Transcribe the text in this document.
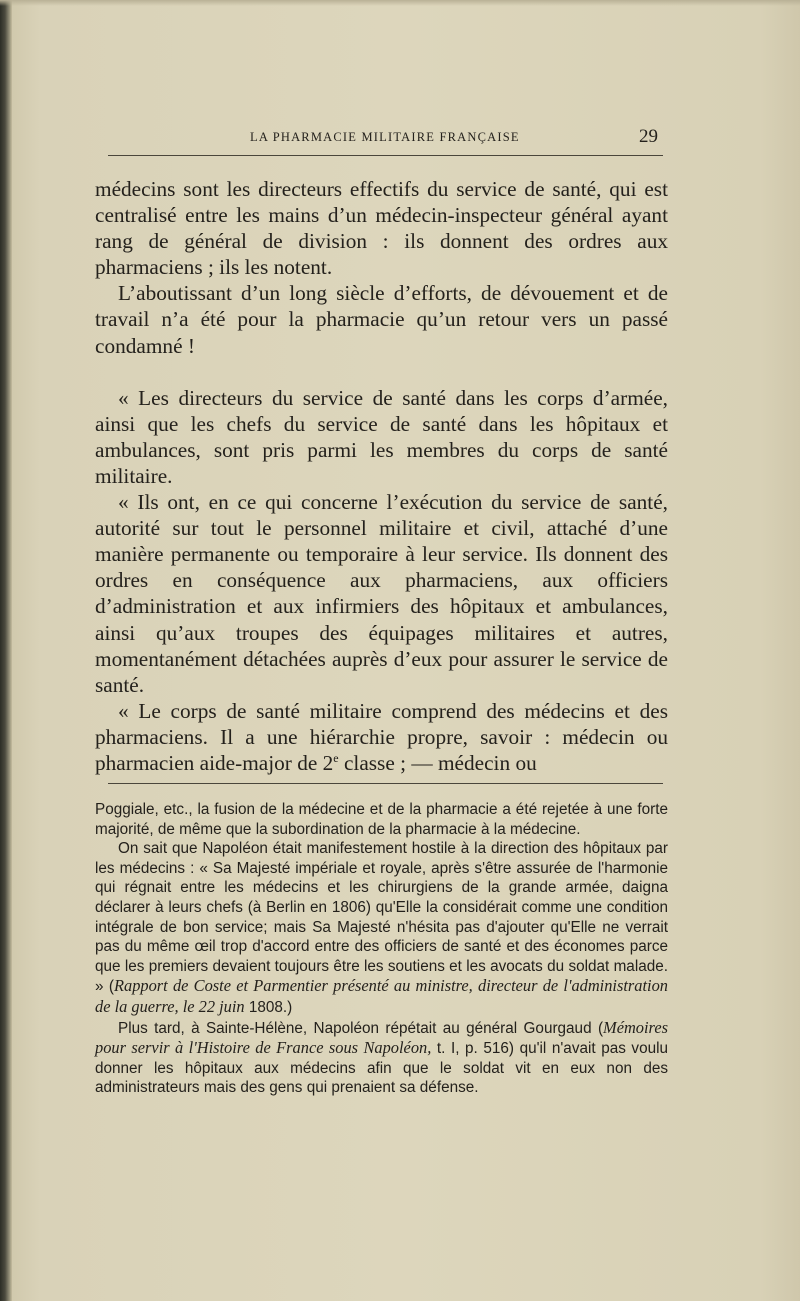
LA PHARMACIE MILITAIRE FRANÇAISE	29

médecins sont les directeurs effectifs du service de santé, qui est centralisé entre les mains d’un médecin-inspecteur général ayant rang de général de division : ils donnent des ordres aux pharmaciens ; ils les notent.

L’aboutissant d’un long siècle d’efforts, de dévouement et de travail n’a été pour la pharmacie qu’un retour vers un passé condamné !

« Les directeurs du service de santé dans les corps d’armée, ainsi que les chefs du service de santé dans les hôpitaux et ambulances, sont pris parmi les membres du corps de santé militaire.

« Ils ont, en ce qui concerne l’exécution du service de santé, autorité sur tout le personnel militaire et civil, attaché d’une manière permanente ou temporaire à leur service. Ils donnent des ordres en conséquence aux pharmaciens, aux officiers d’administration et aux infirmiers des hôpitaux et ambulances, ainsi qu’aux troupes des équipages militaires et autres, momentanément détachées auprès d’eux pour assurer le service de santé.

« Le corps de santé militaire comprend des médecins et des pharmaciens. Il a une hiérarchie propre, savoir : médecin ou pharmacien aide-major de 2e classe ; — médecin ou

Poggiale, etc., la fusion de la médecine et de la pharmacie a été rejetée à une forte majorité, de même que la subordination de la pharmacie à la médecine.

On sait que Napoléon était manifestement hostile à la direction des hôpitaux par les médecins : « Sa Majesté impériale et royale, après s'être assurée de l'harmonie qui régnait entre les médecins et les chirurgiens de la grande armée, daigna déclarer à leurs chefs (à Berlin en 1806) qu'Elle la considérait comme une condition intégrale de bon service; mais Sa Majesté n'hésita pas d'ajouter qu'Elle ne verrait pas du même œil trop d'accord entre des officiers de santé et des économes parce que les premiers devaient toujours être les soutiens et les avocats du soldat malade. » (Rapport de Coste et Parmentier présenté au ministre, directeur de l'administration de la guerre, le 22 juin 1808.)

Plus tard, à Sainte-Hélène, Napoléon répétait au général Gourgaud (Mémoires pour servir à l'Histoire de France sous Napoléon, t. I, p. 516) qu'il n'avait pas voulu donner les hôpitaux aux médecins afin que le soldat vit en eux non des administrateurs mais des gens qui prenaient sa défense.
